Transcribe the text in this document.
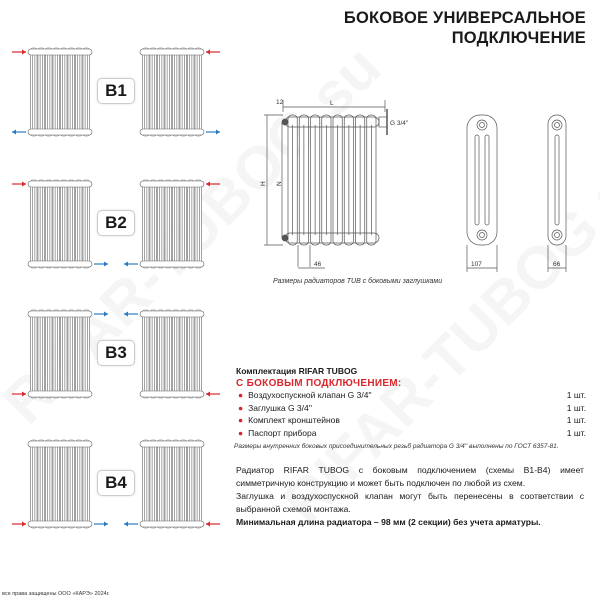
БОКОВОЕ УНИВЕРСАЛЬНОЕ
ПОДКЛЮЧЕНИЕ
B1
B2
B3
B4
12	L
G 3/4''
H N
46	107	66
Размеры радиаторов TUB с боковыми заглушками
Комплектация RIFAR TUBOG
С БОКОВЫМ ПОДКЛЮЧЕНИЕМ:
● Воздухоспускной клапан G 3/4''	1 шт.
● Заглушка G 3/4''	1 шт.
● Комплект кронштейнов	1 шт.
● Паспорт прибора	1 шт.
Размеры внутренних боковых присоединительных резьб радиатора G 3/4'' выполнены по ГОСТ 6357-81.

Радиатор RIFAR TUBOG с боковым подключением (схемы В1-В4) имеет симметричную конструкцию и может быть подключен по любой из схем.

Заглушка и воздухоспускной клапан могут быть перенесены в соответствии с выбранной схемой монтажа.

Минимальная длина радиатора – 98 мм (2 секции) без учета арматуры.

все права защищены ООО «КАРЭ» 2024г.
